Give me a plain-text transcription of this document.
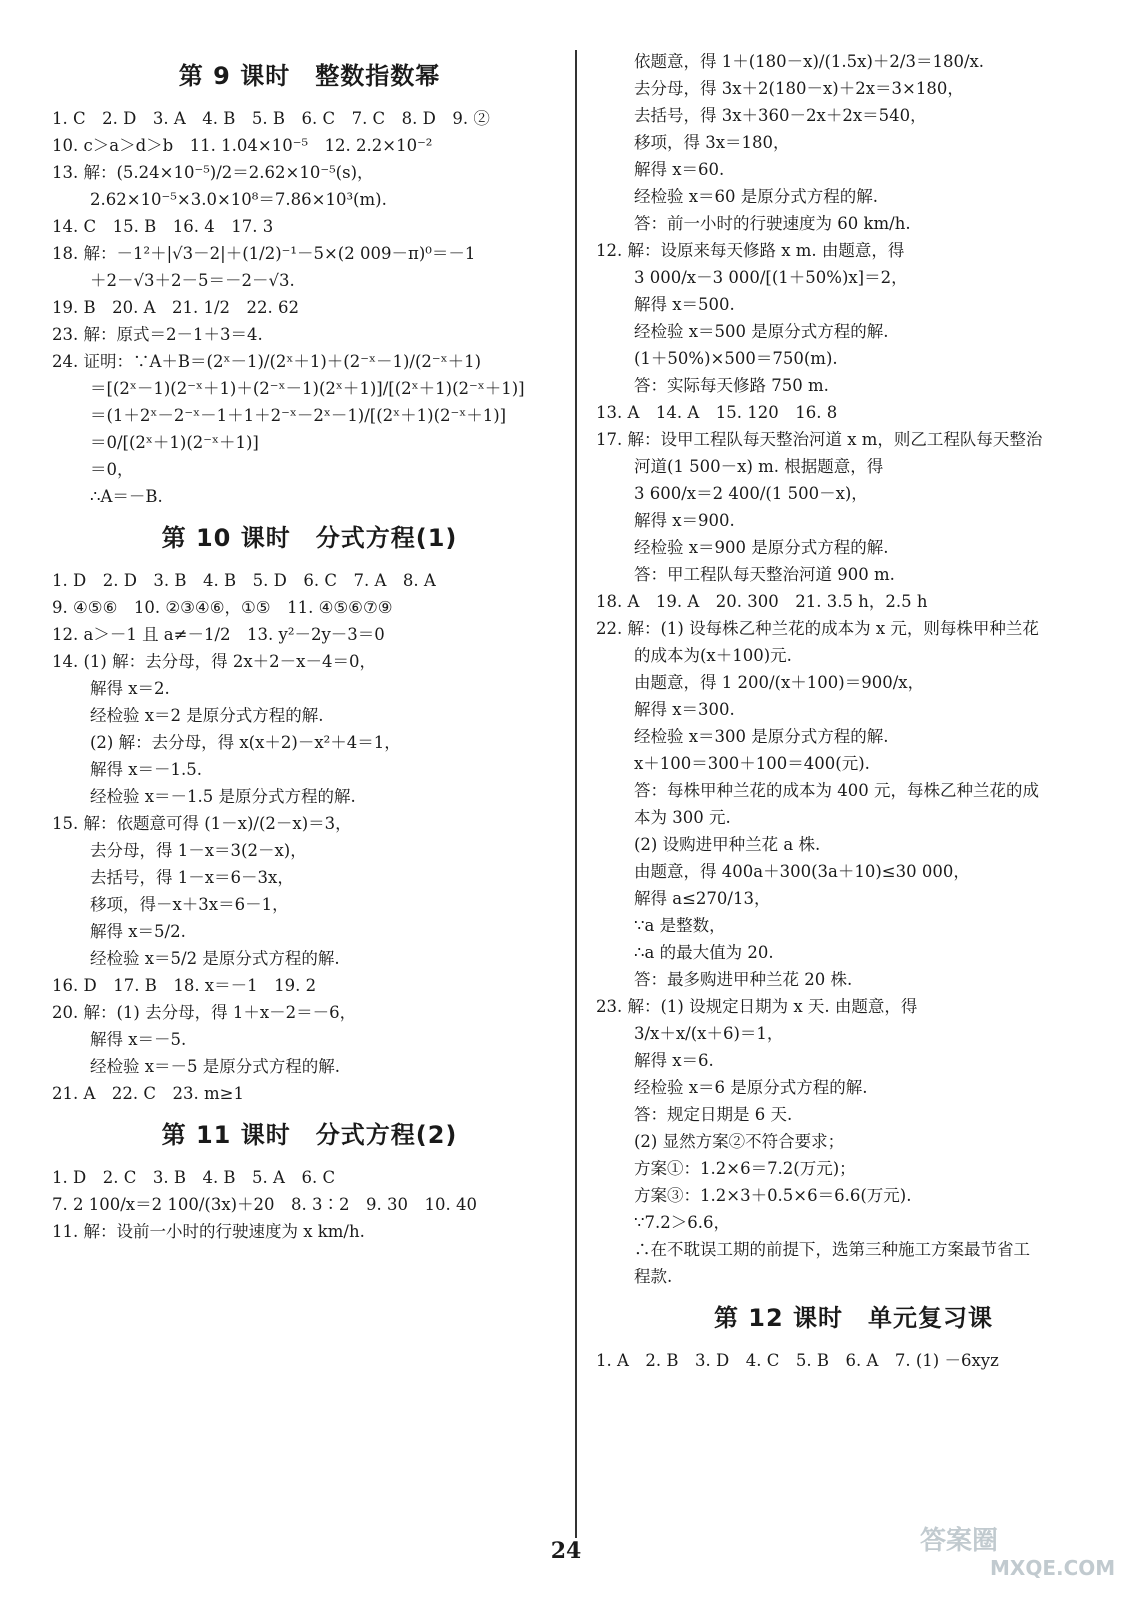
第 9 课时　整数指数幂
1. C　2. D　3. A　4. B　5. B　6. C　7. C　8. D　9. ②
10. c＞a＞d＞b　11. 1.04×10⁻⁵　12. 2.2×10⁻²
13. 解：(5.24×10⁻⁵)/2＝2.62×10⁻⁵(s)，
2.62×10⁻⁵×3.0×10⁸＝7.86×10³(m).
14. C　15. B　16. 4　17. 3
18. 解：－1²＋|√3－2|＋(1/2)⁻¹－5×(2 009－π)⁰＝－1
＋2－√3＋2－5＝－2－√3.
19. B　20. A　21. 1/2　22. 62
23. 解：原式＝2－1＋3＝4.
24. 证明：∵A＋B＝(2ˣ－1)/(2ˣ＋1)＋(2⁻ˣ－1)/(2⁻ˣ＋1)
＝[(2ˣ－1)(2⁻ˣ＋1)＋(2⁻ˣ－1)(2ˣ＋1)]/[(2ˣ＋1)(2⁻ˣ＋1)]
＝(1＋2ˣ－2⁻ˣ－1＋1＋2⁻ˣ－2ˣ－1)/[(2ˣ＋1)(2⁻ˣ＋1)]
＝0/[(2ˣ＋1)(2⁻ˣ＋1)]
＝0，
∴A＝－B.
第 10 课时　分式方程(1)
1. D　2. D　3. B　4. B　5. D　6. C　7. A　8. A
9. ④⑤⑥　10. ②③④⑥，①⑤　11. ④⑤⑥⑦⑨
12. a＞－1 且 a≠－1/2　13. y²－2y－3＝0
14. (1) 解：去分母，得 2x＋2－x－4＝0，
解得 x＝2.
经检验 x＝2 是原分式方程的解.
(2) 解：去分母，得 x(x＋2)－x²＋4＝1，
解得 x＝－1.5.
经检验 x＝－1.5 是原分式方程的解.
15. 解：依题意可得 (1－x)/(2－x)＝3，
去分母，得 1－x＝3(2－x)，
去括号，得 1－x＝6－3x，
移项，得－x＋3x＝6－1，
解得 x＝5/2.
经检验 x＝5/2 是原分式方程的解.
16. D　17. B　18. x＝－1　19. 2
20. 解：(1) 去分母，得 1＋x－2＝－6，
解得 x＝－5.
经检验 x＝－5 是原分式方程的解.
21. A　22. C　23. m≥1
第 11 课时　分式方程(2)
1. D　2. C　3. B　4. B　5. A　6. C
7. 2 100/x＝2 100/(3x)＋20　8. 3∶2　9. 30　10. 40
11. 解：设前一小时的行驶速度为 x km/h.
依题意，得 1＋(180－x)/(1.5x)＋2/3＝180/x.
去分母，得 3x＋2(180－x)＋2x＝3×180，
去括号，得 3x＋360－2x＋2x＝540，
移项，得 3x＝180，
解得 x＝60.
经检验 x＝60 是原分式方程的解.
答：前一小时的行驶速度为 60 km/h.
12. 解：设原来每天修路 x m. 由题意，得
3 000/x－3 000/[(1＋50%)x]＝2，
解得 x＝500.
经检验 x＝500 是原分式方程的解.
(1＋50%)×500＝750(m).
答：实际每天修路 750 m.
13. A　14. A　15. 120　16. 8
17. 解：设甲工程队每天整治河道 x m，则乙工程队每天整治
河道(1 500－x) m. 根据题意，得
3 600/x＝2 400/(1 500－x)，
解得 x＝900.
经检验 x＝900 是原分式方程的解.
答：甲工程队每天整治河道 900 m.
18. A　19. A　20. 300　21. 3.5 h，2.5 h
22. 解：(1) 设每株乙种兰花的成本为 x 元，则每株甲种兰花
的成本为(x＋100)元.
由题意，得 1 200/(x＋100)＝900/x，
解得 x＝300.
经检验 x＝300 是原分式方程的解.
x＋100＝300＋100＝400(元).
答：每株甲种兰花的成本为 400 元，每株乙种兰花的成
本为 300 元.
(2) 设购进甲种兰花 a 株.
由题意，得 400a＋300(3a＋10)≤30 000，
解得 a≤270/13，
∵a 是整数，
∴a 的最大值为 20.
答：最多购进甲种兰花 20 株.
23. 解：(1) 设规定日期为 x 天. 由题意，得
3/x＋x/(x＋6)＝1，
解得 x＝6.
经检验 x＝6 是原分式方程的解.
答：规定日期是 6 天.
(2) 显然方案②不符合要求；
方案①：1.2×6＝7.2(万元)；
方案③：1.2×3＋0.5×6＝6.6(万元).
∵7.2＞6.6，
∴在不耽误工期的前提下，选第三种施工方案最节省工
程款.
第 12 课时　单元复习课
1. A　2. B　3. D　4. C　5. B　6. A　7. (1) －6xyz
24	答案圈
MXQE.COM
